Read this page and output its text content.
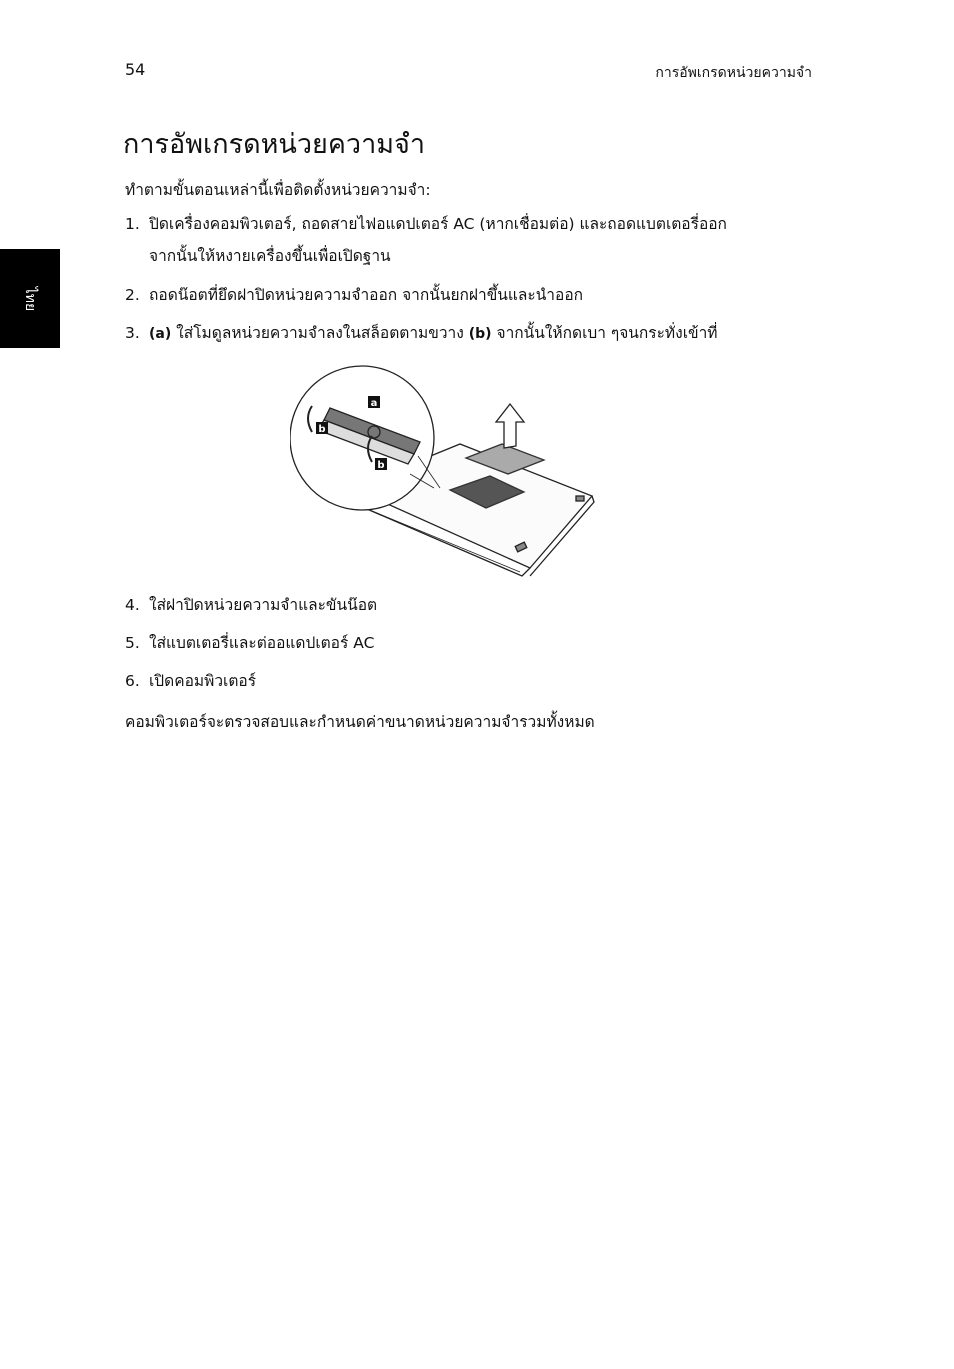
54	การอัพเกรดหน่วยความจำ
ไทย
การอัพเกรดหน่วยความจำ
ทำตามขั้นตอนเหล่านี้เพื่อติดตั้งหน่วยความจำ:
1. ปิดเครื่องคอมพิวเตอร์, ถอดสายไฟอแดปเตอร์ AC (หากเชื่อมต่อ) และถอดแบตเตอรี่ออก
จากนั้นให้หงายเครื่องขึ้นเพื่อเปิดฐาน
2. ถอดน๊อตที่ยึดฝาปิดหน่วยความจำออก จากนั้นยกฝาขึ้นและนำออก
3. (a) ใส่โมดูลหน่วยความจำลงในสล็อตตามขวาง (b) จากนั้นให้กดเบา ๆจนกระทั่งเข้าที่
a
b
b
4. ใส่ฝาปิดหน่วยความจำและขันน๊อต
5. ใส่แบตเตอรี่และต่ออแดปเตอร์ AC
6. เปิดคอมพิวเตอร์
คอมพิวเตอร์จะตรวจสอบและกำหนดค่าขนาดหน่วยความจำรวมทั้งหมด
